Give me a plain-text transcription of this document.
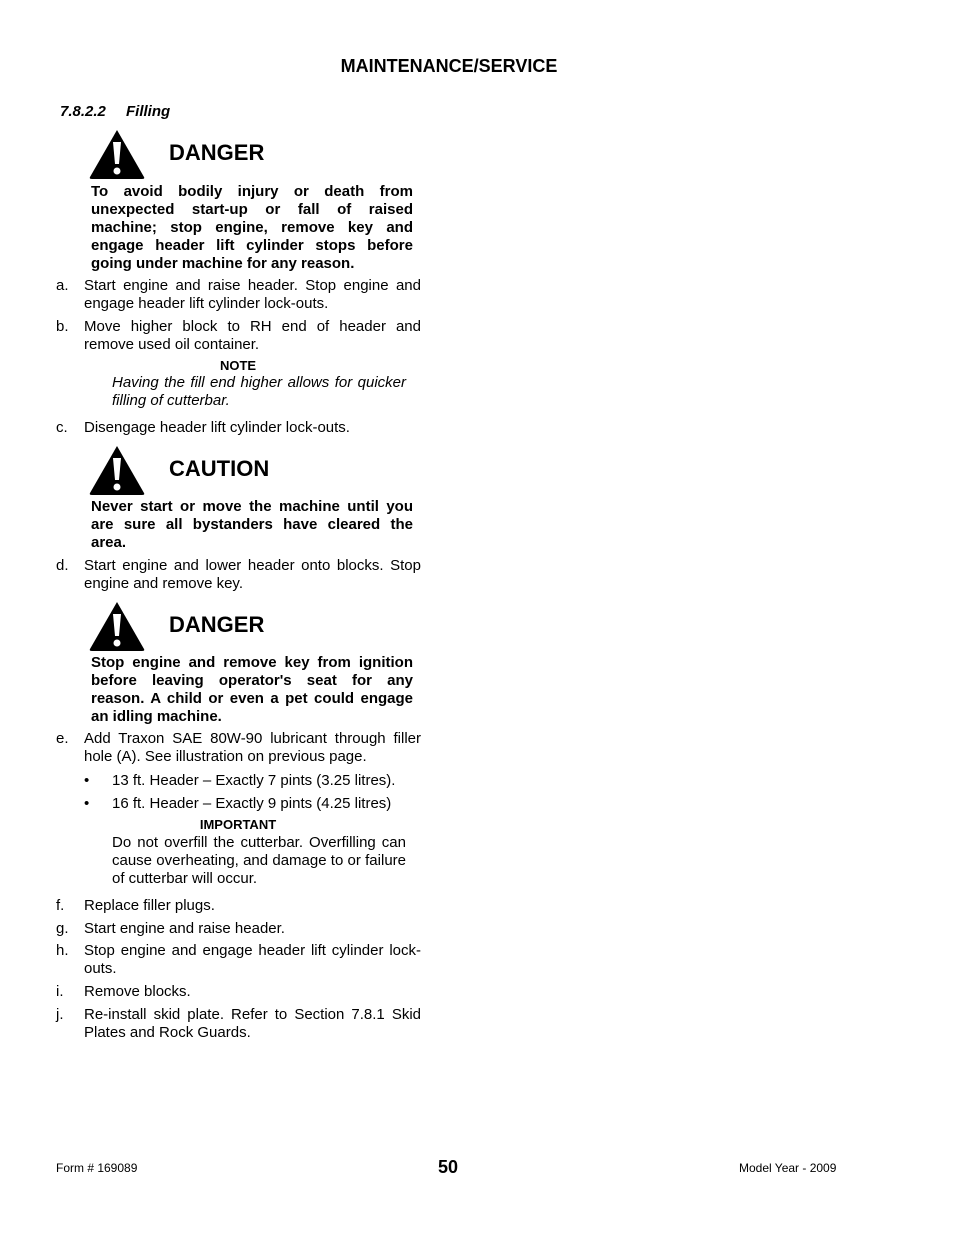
MAINTENANCE/SERVICE
7.8.2.2 Filling
DANGER
To avoid bodily injury or death from unexpected start-up or fall of raised machine; stop engine, remove key and engage header lift cylinder stops before going under machine for any reason.
a. Start engine and raise header. Stop engine and engage header lift cylinder lock-outs.
b. Move higher block to RH end of header and remove used oil container.
NOTE
Having the fill end higher allows for quicker filling of cutterbar.
c. Disengage header lift cylinder lock-outs.
CAUTION
Never start or move the machine until you are sure all bystanders have cleared the area.
d. Start engine and lower header onto blocks. Stop engine and remove key.
DANGER
Stop engine and remove key from ignition before leaving operator's seat for any reason. A child or even a pet could engage an idling machine.
e. Add Traxon SAE 80W-90 lubricant through filler hole (A). See illustration on previous page.
• 13 ft. Header – Exactly 7 pints (3.25 litres).
• 16 ft. Header – Exactly 9 pints (4.25 litres)
IMPORTANT
Do not overfill the cutterbar. Overfilling can cause overheating, and damage to or failure of cutterbar will occur.
f. Replace filler plugs.
g. Start engine and raise header.
h. Stop engine and engage header lift cylinder lock-outs.
i. Remove blocks.
j. Re-install skid plate. Refer to Section 7.8.1 Skid Plates and Rock Guards.
Form # 169089	50	Model Year - 2009
